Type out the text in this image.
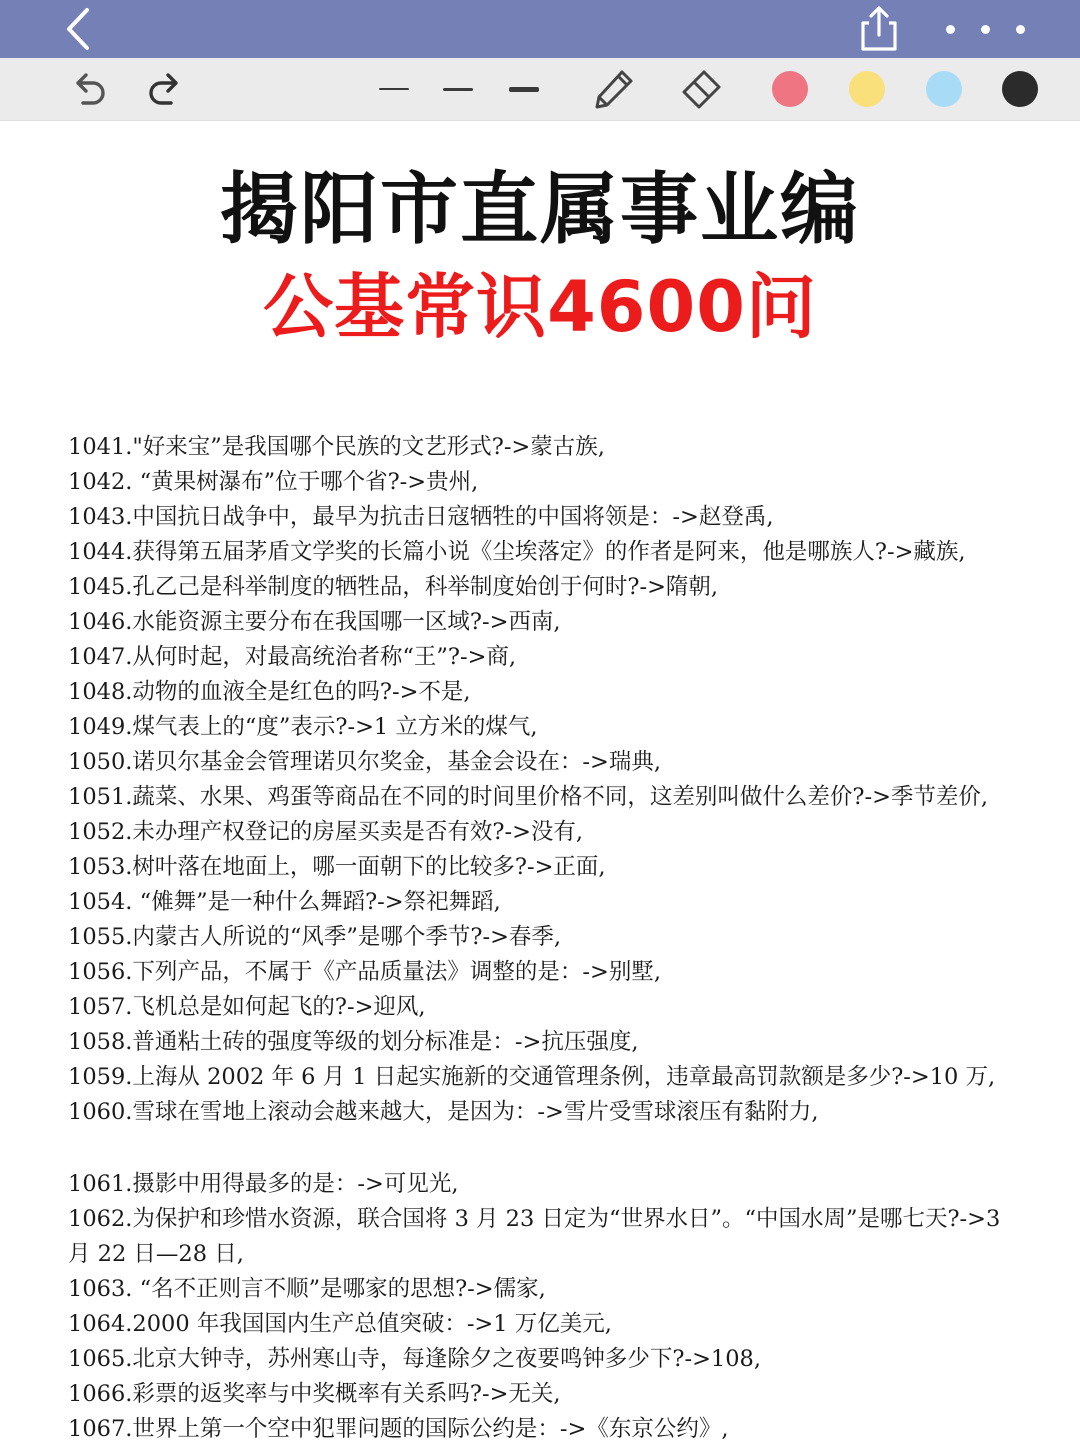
揭阳市直属事业编
公基常识4600问
1041."好来宝”是我国哪个民族的文艺形式?->蒙古族,
1042. “黄果树瀑布”位于哪个省?->贵州,
1043.中国抗日战争中，最早为抗击日寇牺牲的中国将领是：->赵登禹,
1044.获得第五届茅盾文学奖的长篇小说《尘埃落定》的作者是阿来，他是哪族人?->藏族,
1045.孔乙己是科举制度的牺牲品，科举制度始创于何时?->隋朝,
1046.水能资源主要分布在我国哪一区域?->西南,
1047.从何时起，对最高统治者称“王”?->商,
1048.动物的血液全是红色的吗?->不是,
1049.煤气表上的“度”表示?->1 立方米的煤气,
1050.诺贝尔基金会管理诺贝尔奖金，基金会设在：->瑞典,
1051.蔬菜、水果、鸡蛋等商品在不同的时间里价格不同，这差别叫做什么差价?->季节差价,
1052.未办理产权登记的房屋买卖是否有效?->没有,
1053.树叶落在地面上，哪一面朝下的比较多?->正面,
1054. “傩舞”是一种什么舞蹈?->祭祀舞蹈,
1055.内蒙古人所说的“风季”是哪个季节?->春季,
1056.下列产品，不属于《产品质量法》调整的是：->别墅,
1057.飞机总是如何起飞的?->迎风,
1058.普通粘土砖的强度等级的划分标准是：->抗压强度,
1059.上海从 2002 年 6 月 1 日起实施新的交通管理条例，违章最高罚款额是多少?->10 万,
1060.雪球在雪地上滚动会越来越大，是因为：->雪片受雪球滚压有黏附力,
1061.摄影中用得最多的是：->可见光,
1062.为保护和珍惜水资源，联合国将 3 月 23 日定为“世界水日”。“中国水周”是哪七天?->3 月 22 日—28 日,
1063. “名不正则言不顺”是哪家的思想?->儒家,
1064.2000 年我国国内生产总值突破：->1 万亿美元,
1065.北京大钟寺，苏州寒山寺，每逢除夕之夜要鸣钟多少下?->108,
1066.彩票的返奖率与中奖概率有关系吗?->无关,
1067.世界上第一个空中犯罪问题的国际公约是：->《东京公约》,
